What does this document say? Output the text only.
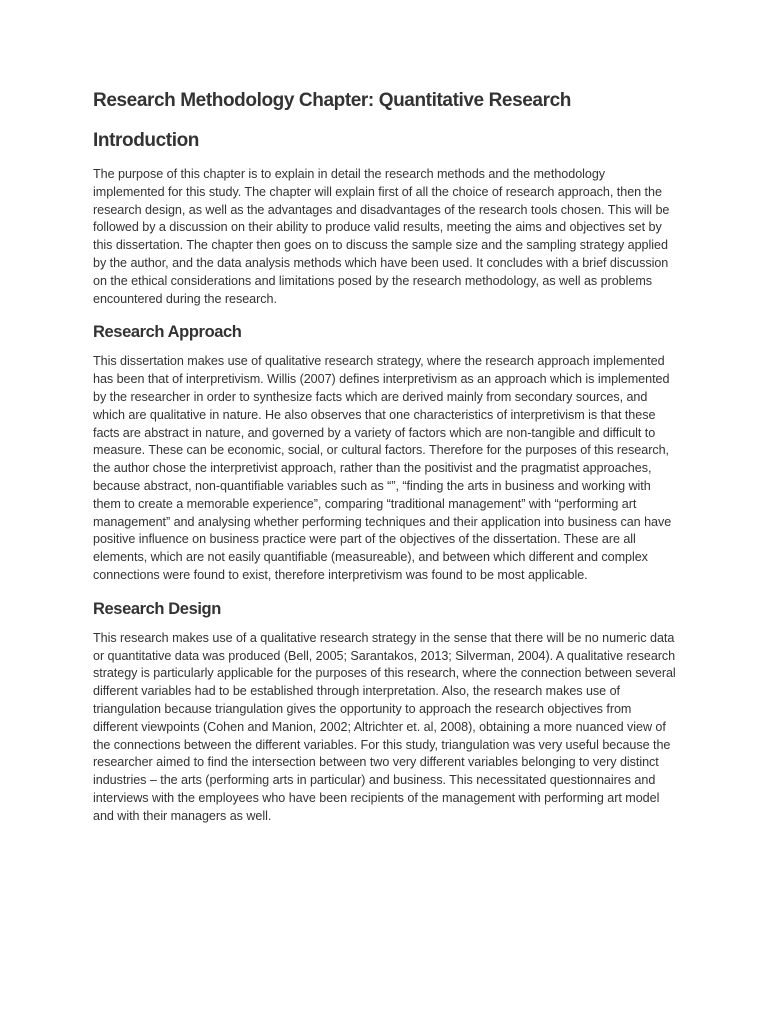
Research Methodology Chapter: Quantitative Research
Introduction

The purpose of this chapter is to explain in detail the research methods and the methodology implemented for this study. The chapter will explain first of all the choice of research approach, then the research design, as well as the advantages and disadvantages of the research tools chosen. This will be followed by a discussion on their ability to produce valid results, meeting the aims and objectives set by this dissertation. The chapter then goes on to discuss the sample size and the sampling strategy applied by the author, and the data analysis methods which have been used. It concludes with a brief discussion on the ethical considerations and limitations posed by the research methodology, as well as problems encountered during the research.

Research Approach

This dissertation makes use of qualitative research strategy, where the research approach implemented has been that of interpretivism. Willis (2007) defines interpretivism as an approach which is implemented by the researcher in order to synthesize facts which are derived mainly from secondary sources, and which are qualitative in nature. He also observes that one characteristics of interpretivism is that these facts are abstract in nature, and governed by a variety of factors which are non-tangible and difficult to measure. These can be economic, social, or cultural factors. Therefore for the purposes of this research, the author chose the interpretivist approach, rather than the positivist and the pragmatist approaches, because abstract, non-quantifiable variables such as “”, “finding the arts in business and working with them to create a memorable experience”, comparing “traditional management” with “performing art management” and analysing whether performing techniques and their application into business can have positive influence on business practice were part of the objectives of the dissertation. These are all elements, which are not easily quantifiable (measureable), and between which different and complex connections were found to exist, therefore interpretivism was found to be most applicable.

Research Design

This research makes use of a qualitative research strategy in the sense that there will be no numeric data or quantitative data was produced (Bell, 2005; Sarantakos, 2013; Silverman, 2004). A qualitative research strategy is particularly applicable for the purposes of this research, where the connection between several different variables had to be established through interpretation. Also, the research makes use of triangulation because triangulation gives the opportunity to approach the research objectives from different viewpoints (Cohen and Manion, 2002; Altrichter et. al, 2008), obtaining a more nuanced view of the connections between the different variables. For this study, triangulation was very useful because the researcher aimed to find the intersection between two very different variables belonging to very distinct industries – the arts (performing arts in particular) and business. This necessitated questionnaires and interviews with the employees who have been recipients of the management with performing art model and with their managers as well.
